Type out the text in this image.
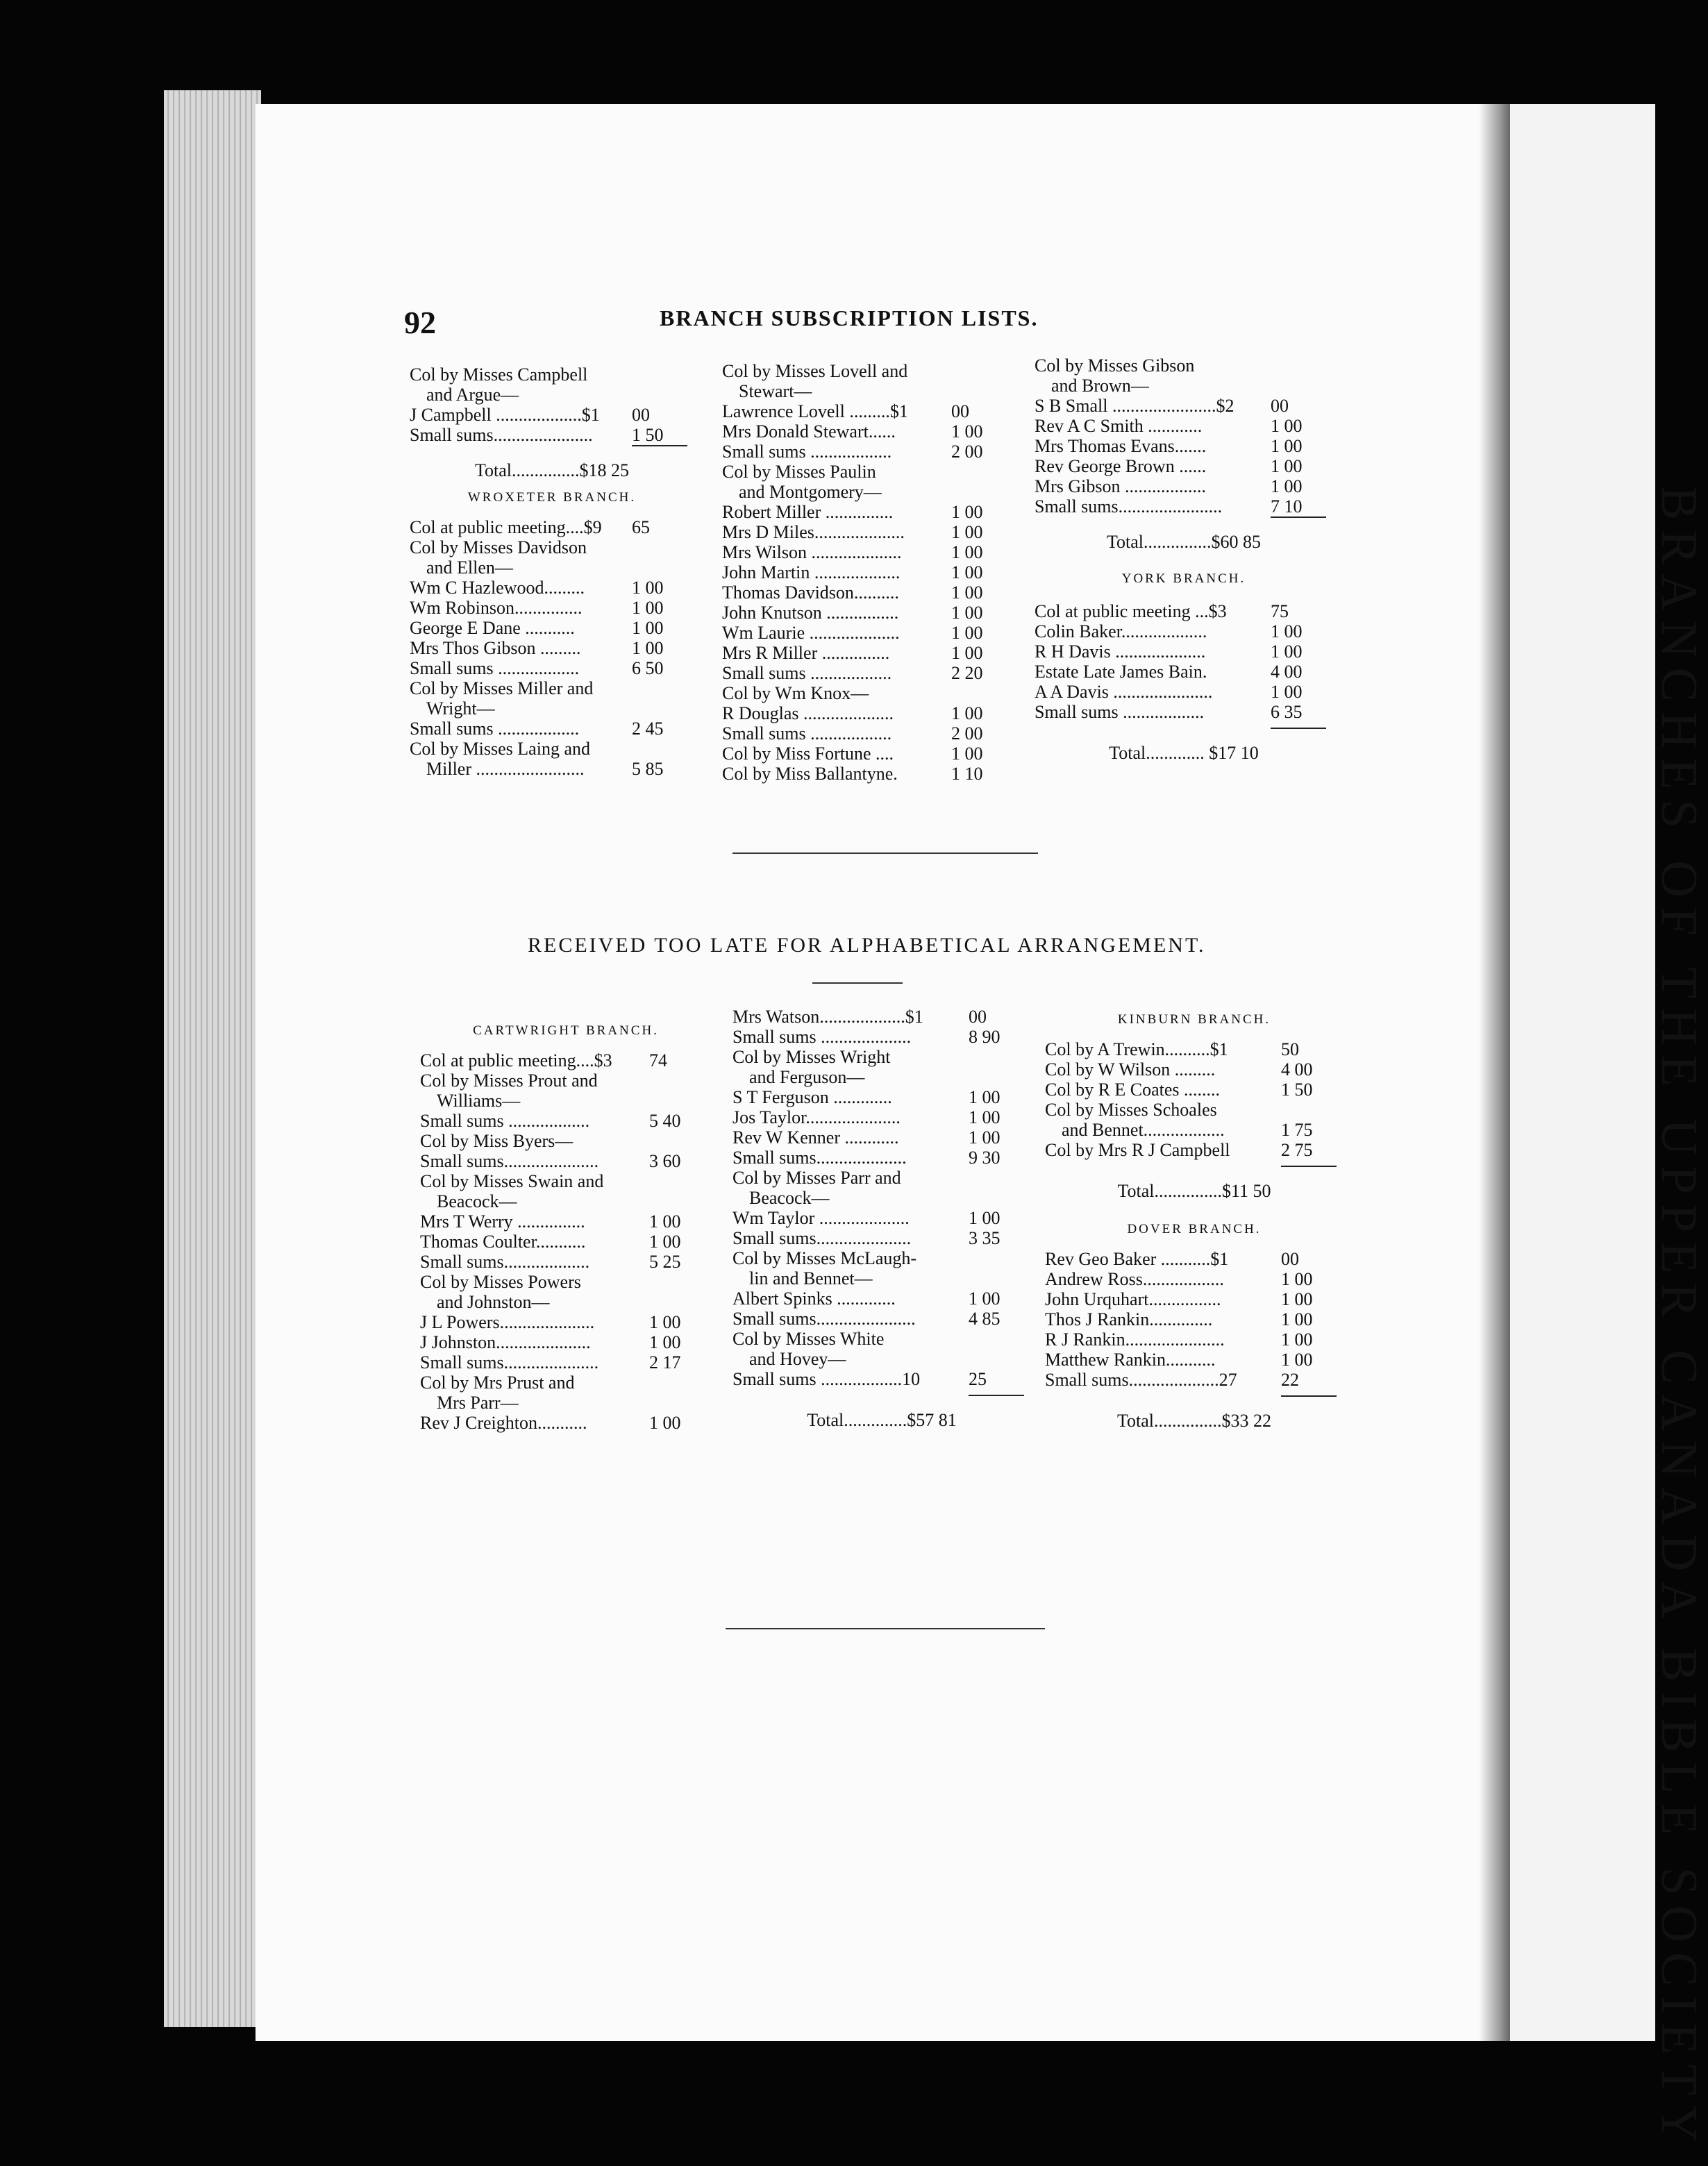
BRANCHES OF THE UPPER CANADA BIBLE SOCIETY
92	BRANCH SUBSCRIPTION LISTS.
Col by Misses Campbell
and Argue—
J Campbell ...................$1	00
Small sums......................	1 50
Total...............$18 25
WROXETER BRANCH.
Col at public meeting....$9	65
Col by Misses Davidson
and Ellen—
Wm C Hazlewood.........	1 00
Wm Robinson...............	1 00
George E Dane ...........	1 00
Mrs Thos Gibson .........	1 00
Small sums ..................	6 50
Col by Misses Miller and
Wright—
Small sums ..................	2 45
Col by Misses Laing and
Miller ........................	5 85
Col by Misses Lovell and
Stewart—
Lawrence Lovell .........$1	00
Mrs Donald Stewart......	1 00
Small sums ..................	2 00
Col by Misses Paulin
and Montgomery—
Robert Miller ...............	1 00
Mrs D Miles....................	1 00
Mrs Wilson ....................	1 00
John Martin ...................	1 00
Thomas Davidson..........	1 00
John Knutson ................	1 00
Wm Laurie ....................	1 00
Mrs R Miller ...............	1 00
Small sums ..................	2 20
Col by Wm Knox—
R Douglas ....................	1 00
Small sums ..................	2 00
Col by Miss Fortune ....	1 00
Col by Miss Ballantyne.	1 10
Col by Misses Gibson
and Brown—
S B Small .......................$2	00
Rev A C Smith ............	1 00
Mrs Thomas Evans.......	1 00
Rev George Brown ......	1 00
Mrs Gibson ..................	1 00
Small sums.......................	7 10
Total...............$60 85
YORK BRANCH.
Col at public meeting ...$3	75
Colin Baker...................	1 00
R H Davis ....................	1 00
Estate Late James Bain.	4 00
A A Davis ......................	1 00
Small sums ..................	6 35
Total............. $17 10
RECEIVED TOO LATE FOR ALPHABETICAL ARRANGEMENT.
CARTWRIGHT BRANCH.
Col at public meeting....$3	74
Col by Misses Prout and
Williams—
Small sums ..................	5 40
Col by Miss Byers—
Small sums.....................	3 60
Col by Misses Swain and
Beacock—
Mrs T Werry ...............	1 00
Thomas Coulter...........	1 00
Small sums...................	5 25
Col by Misses Powers
and Johnston—
J L Powers.....................	1 00
J Johnston.....................	1 00
Small sums.....................	2 17
Col by Mrs Prust and
Mrs Parr—
Rev J Creighton...........	1 00
Mrs Watson...................$1	00
Small sums ....................	8 90
Col by Misses Wright
and Ferguson—
S T Ferguson .............	1 00
Jos Taylor.....................	1 00
Rev W Kenner ............	1 00
Small sums....................	9 30
Col by Misses Parr and
Beacock—
Wm Taylor ....................	1 00
Small sums.....................	3 35
Col by Misses McLaugh-
lin and Bennet—
Albert Spinks .............	1 00
Small sums......................	4 85
Col by Misses White
and Hovey—
Small sums ..................10	25
Total..............$57 81
KINBURN BRANCH.
Col by A Trewin..........$1	50
Col by W Wilson .........	4 00
Col by R E Coates ........	1 50
Col by Misses Schoales
and Bennet..................	1 75
Col by Mrs R J Campbell	2 75
Total...............$11 50
DOVER BRANCH.
Rev Geo Baker ...........$1	00
Andrew Ross..................	1 00
John Urquhart................	1 00
Thos J Rankin..............	1 00
R J Rankin......................	1 00
Matthew Rankin...........	1 00
Small sums....................27	22
Total...............$33 22
